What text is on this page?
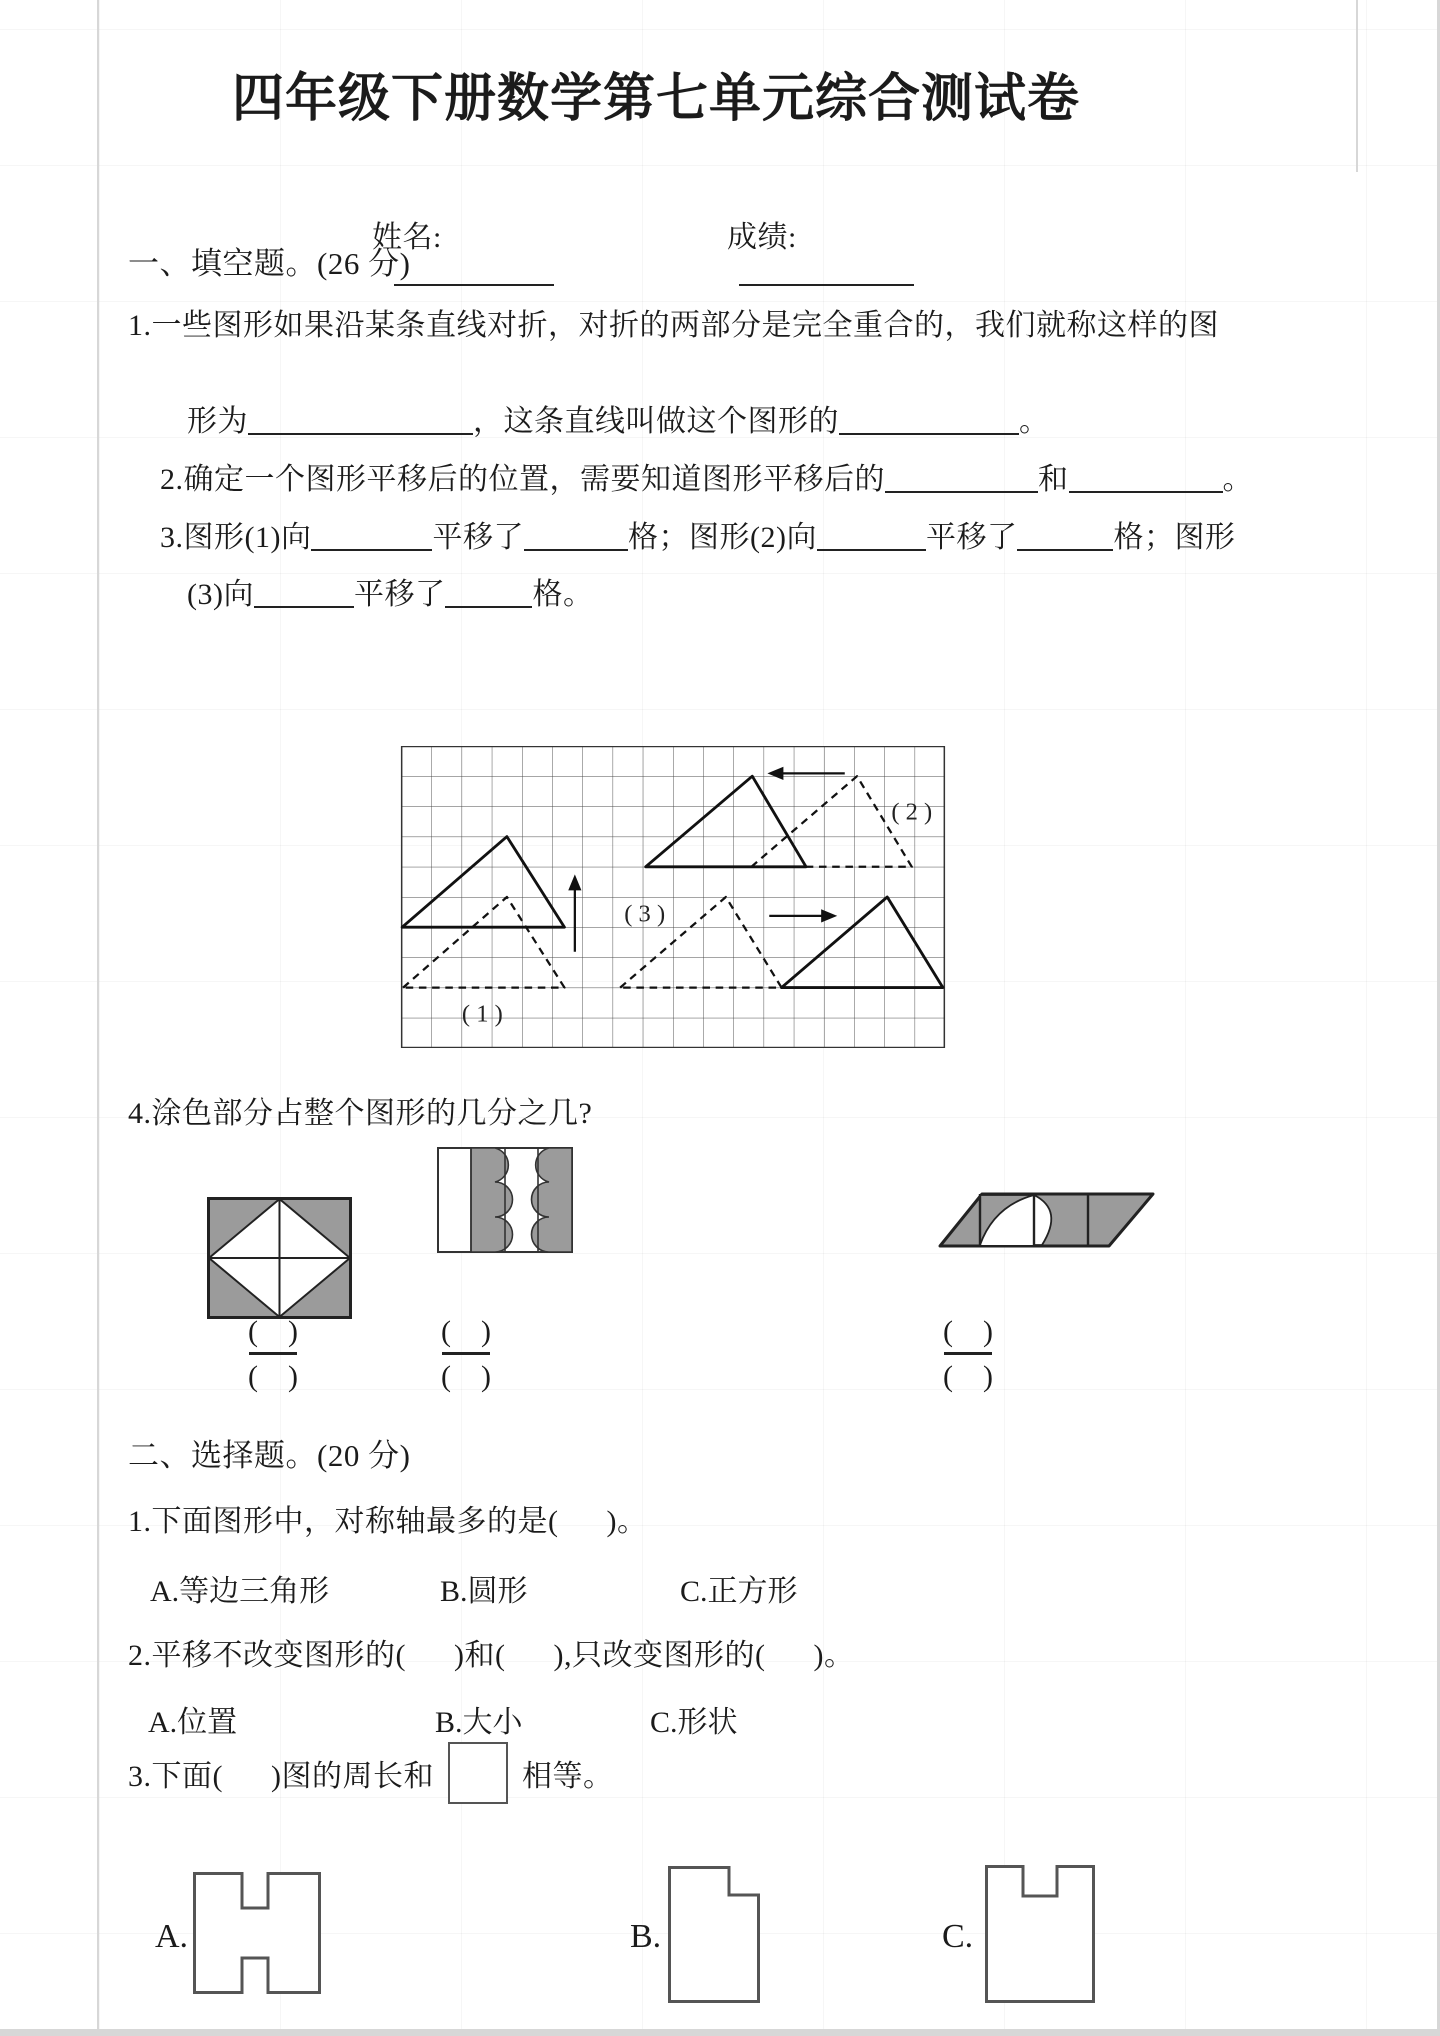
四年级下册数学第七单元综合测试卷

姓名:

	成绩:

一、填空题。(26 分)
1.一些图形如果沿某条直线对折，对折的两部分是完全重合的，我们就称这样的图

形为	，这条直线叫做这个图形的	。

2.确定一个图形平移后的位置，需要知道图形平移后的	和	。

3.图形(1)向	平移了	格；图形(2)向	平移了	格；图形

(3)向	平移了	格。

( 1 )
( 2 )
( 3 )
4.涂色部分占整个图形的几分之几?
(    )
(    )
(    )
(    )
(    )
(    )
二、选择题。(20 分)
1.下面图形中，对称轴最多的是(      )。
A.等边三角形	B.圆形	C.正方形
2.平移不改变图形的(      )和(      ),只改变图形的(      )。
A.位置	B.大小	C.形状
3.下面(      )图的周长和	相等。
A.	B.	C.
